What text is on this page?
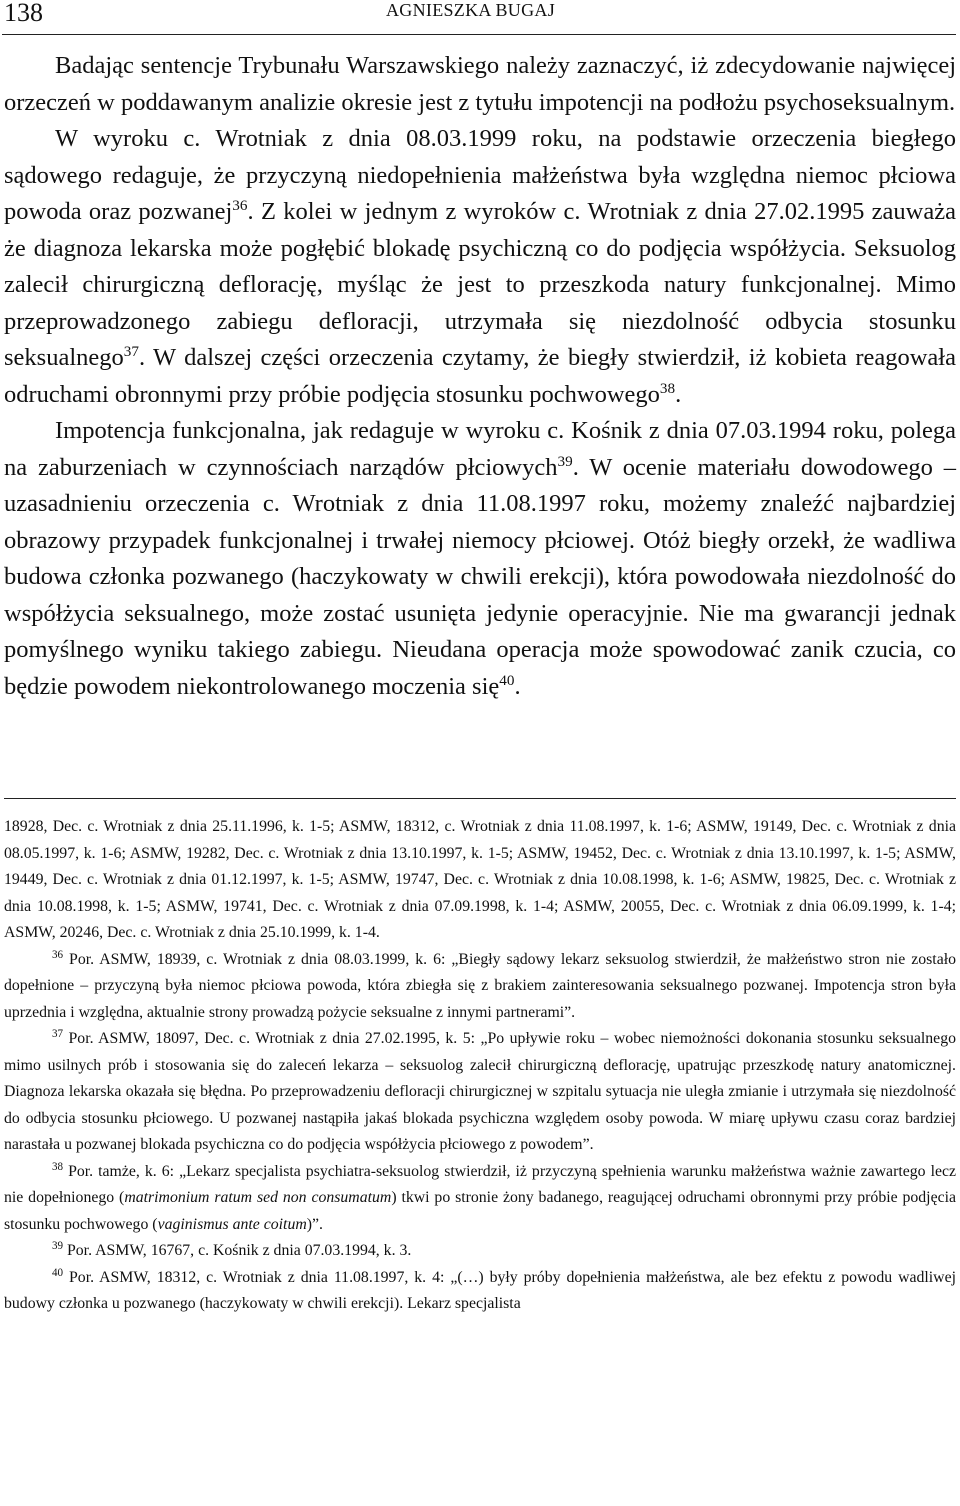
138	AGNIESZKA BUGAJ

Badając sentencje Trybunału Warszawskiego należy zaznaczyć, iż zdecydowanie najwięcej orzeczeń w poddawanym analizie okresie jest z tytułu impotencji na podłożu psychoseksualnym.

W wyroku c. Wrotniak z dnia 08.03.1999 roku, na podstawie orzeczenia biegłego sądowego redaguje, że przyczyną niedopełnienia małżeństwa była względna niemoc płciowa powoda oraz pozwanej$^{36}$. Z kolei w jednym z wyroków c. Wrotniak z dnia 27.02.1995 zauważa że diagnoza lekarska może pogłębić blokadę psychiczną co do podjęcia współżycia. Seksuolog zalecił chirurgiczną deflorację, myśląc że jest to przeszkoda natury funkcjonalnej. Mimo przeprowadzonego zabiegu defloracji, utrzymała się niezdolność odbycia stosunku seksualnego$^{37}$. W dalszej części orzeczenia czytamy, że biegły stwierdził, iż kobieta reagowała odruchami obronnymi przy próbie podjęcia stosunku pochwowego$^{38}$.

Impotencja funkcjonalna, jak redaguje w wyroku c. Kośnik z dnia 07.03.1994 roku, polega na zaburzeniach w czynnościach narządów płciowych$^{39}$. W ocenie materiału dowodowego – uzasadnieniu orzeczenia c. Wrotniak z dnia 11.08.1997 roku, możemy znaleźć najbardziej obrazowy przypadek funkcjonalnej i trwałej niemocy płciowej. Otóż biegły orzekł, że wadliwa budowa członka pozwanego (haczykowaty w chwili erekcji), która powodowała niezdolność do współżycia seksualnego, może zostać usunięta jedynie operacyjnie. Nie ma gwarancji jednak pomyślnego wyniku takiego zabiegu. Nieudana operacja może spowodować zanik czucia, co będzie powodem niekontrolowanego moczenia się$^{40}$.

18928, Dec. c. Wrotniak z dnia 25.11.1996, k. 1-5; ASMW, 18312, c. Wrotniak z dnia 11.08.1997, k. 1-6; ASMW, 19149, Dec. c. Wrotniak z dnia 08.05.1997, k. 1-6; ASMW, 19282, Dec. c. Wrotniak z dnia 13.10.1997, k. 1-5; ASMW, 19452, Dec. c. Wrotniak z dnia 13.10.1997, k. 1-5; ASMW, 19449, Dec. c. Wrotniak z dnia 01.12.1997, k. 1-5; ASMW, 19747, Dec. c. Wrotniak z dnia 10.08.1998, k. 1-6; ASMW, 19825, Dec. c. Wrotniak z dnia 10.08.1998, k. 1-5; ASMW, 19741, Dec. c. Wrotniak z dnia 07.09.1998, k. 1-4; ASMW, 20055, Dec. c. Wrotniak z dnia 06.09.1999, k. 1-4; ASMW, 20246, Dec. c. Wrotniak z dnia 25.10.1999, k. 1-4.

$^{36}$ Por. ASMW, 18939, c. Wrotniak z dnia 08.03.1999, k. 6: „Biegły sądowy lekarz seksuolog stwierdził, że małżeństwo stron nie zostało dopełnione – przyczyną była niemoc płciowa powoda, która zbiegła się z brakiem zainteresowania seksualnego pozwanej. Impotencja stron była uprzednia i względna, aktualnie strony prowadzą pożycie seksualne z innymi partnerami”.

$^{37}$ Por. ASMW, 18097, Dec. c. Wrotniak z dnia 27.02.1995, k. 5: „Po upływie roku – wobec niemożności dokonania stosunku seksualnego mimo usilnych prób i stosowania się do zaleceń lekarza – seksuolog zalecił chirurgiczną deflorację, upatrując przeszkodę natury anatomicznej. Diagnoza lekarska okazała się błędna. Po przeprowadzeniu defloracji chirurgicznej w szpitalu sytuacja nie uległa zmianie i utrzymała się niezdolność do odbycia stosunku płciowego. U pozwanej nastąpiła jakaś blokada psychiczna względem osoby powoda. W miarę upływu czasu coraz bardziej narastała u pozwanej blokada psychiczna co do podjęcia współżycia płciowego z powodem”.

$^{38}$ Por. tamże, k. 6: „Lekarz specjalista psychiatra-seksuolog stwierdził, iż przyczyną spełnienia warunku małżeństwa ważnie zawartego lecz nie dopełnionego (matrimonium ratum sed non consumatum) tkwi po stronie żony badanego, reagującej odruchami obronnymi przy próbie podjęcia stosunku pochwowego (vaginismus ante coitum)”.

$^{39}$ Por. ASMW, 16767, c. Kośnik z dnia 07.03.1994, k. 3.

$^{40}$ Por. ASMW, 18312, c. Wrotniak z dnia 11.08.1997, k. 4: „(…) były próby dopełnienia małżeństwa, ale bez efektu z powodu wadliwej budowy członka u pozwanego (haczykowaty w chwili erekcji). Lekarz specjalista
